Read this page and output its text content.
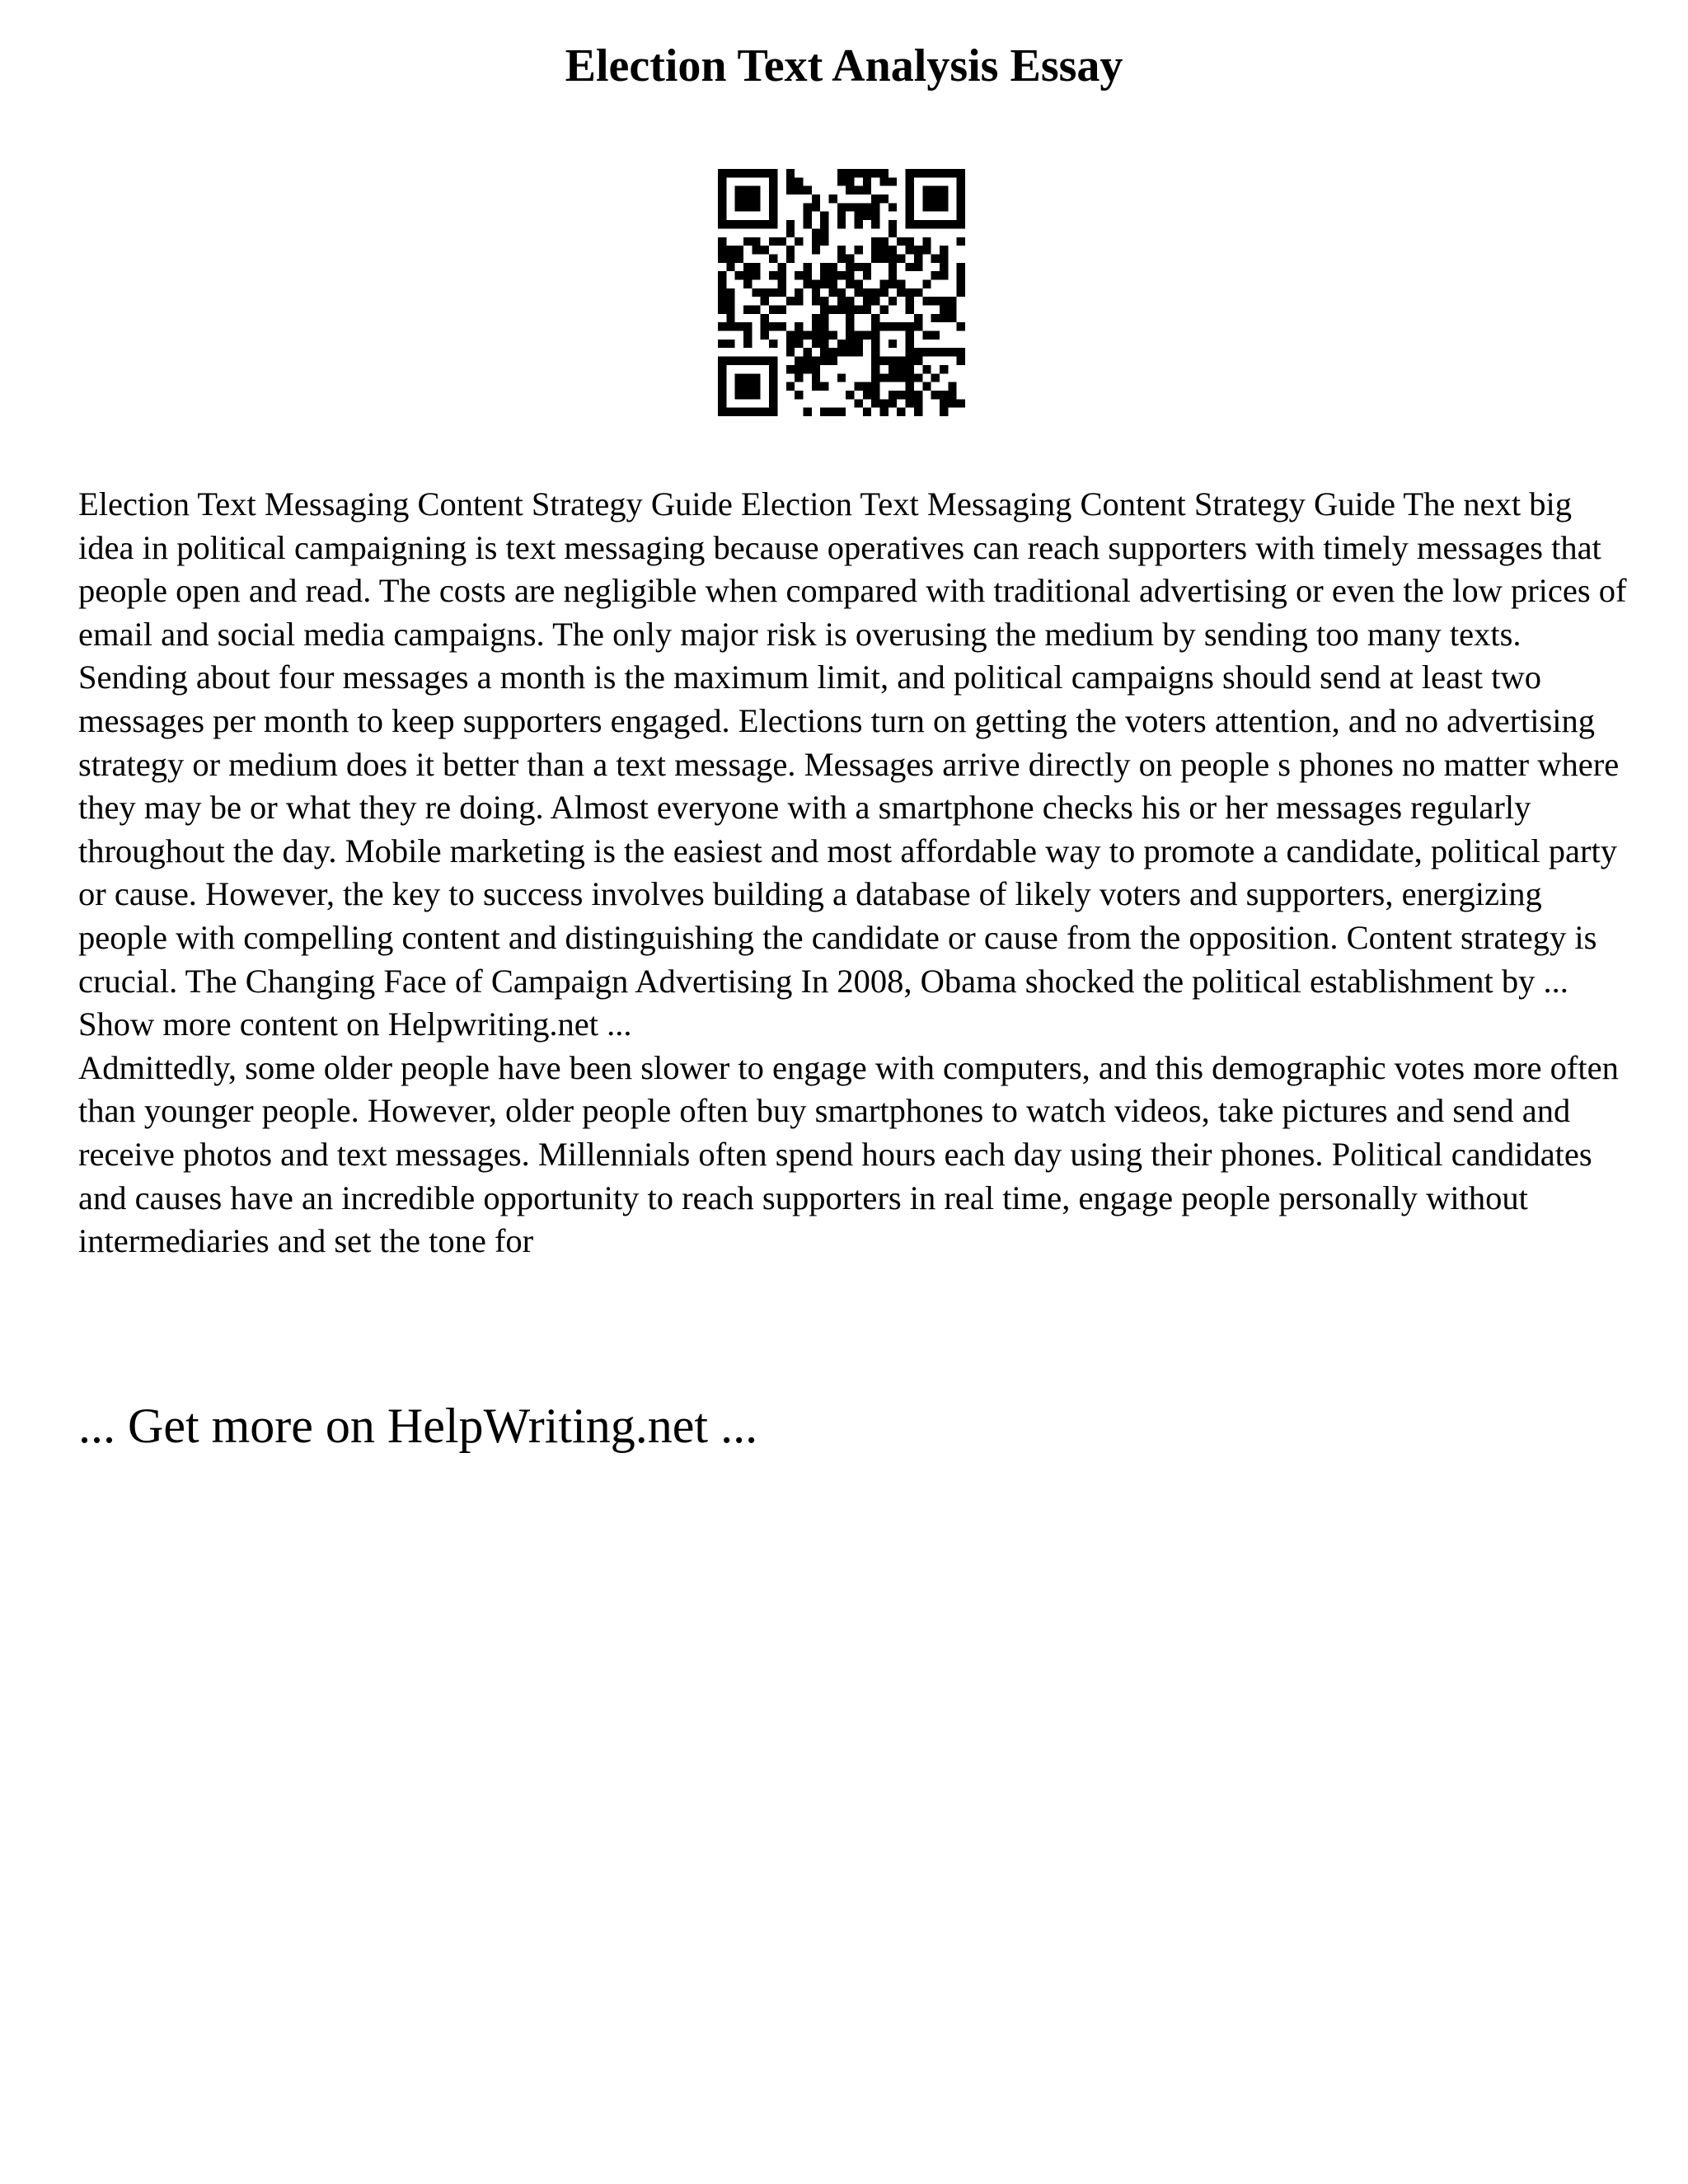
Election Text Analysis Essay

Election Text Messaging Content Strategy Guide Election Text Messaging Content Strategy Guide The next big idea in political campaigning is text messaging because operatives can reach supporters with timely messages that people open and read. The costs are negligible when compared with traditional advertising or even the low prices of email and social media campaigns. The only major risk is overusing the medium by sending too many texts. Sending about four messages a month is the maximum limit, and political campaigns should send at least two messages per month to keep supporters engaged. Elections turn on getting the voters attention, and no advertising strategy or medium does it better than a text message. Messages arrive directly on people s phones no matter where they may be or what they re doing. Almost everyone with a smartphone checks his or her messages regularly throughout the day. Mobile marketing is the easiest and most affordable way to promote a candidate, political party or cause. However, the key to success involves building a database of likely voters and supporters, energizing people with compelling content and distinguishing the candidate or cause from the opposition. Content strategy is crucial. The Changing Face of Campaign Advertising In 2008, Obama shocked the political establishment by ... Show more content on Helpwriting.net ...

Admittedly, some older people have been slower to engage with computers, and this demographic votes more often than younger people. However, older people often buy smartphones to watch videos, take pictures and send and receive photos and text messages. Millennials often spend hours each day using their phones. Political candidates and causes have an incredible opportunity to reach supporters in real time, engage people personally without intermediaries and set the tone for

... Get more on HelpWriting.net ...
